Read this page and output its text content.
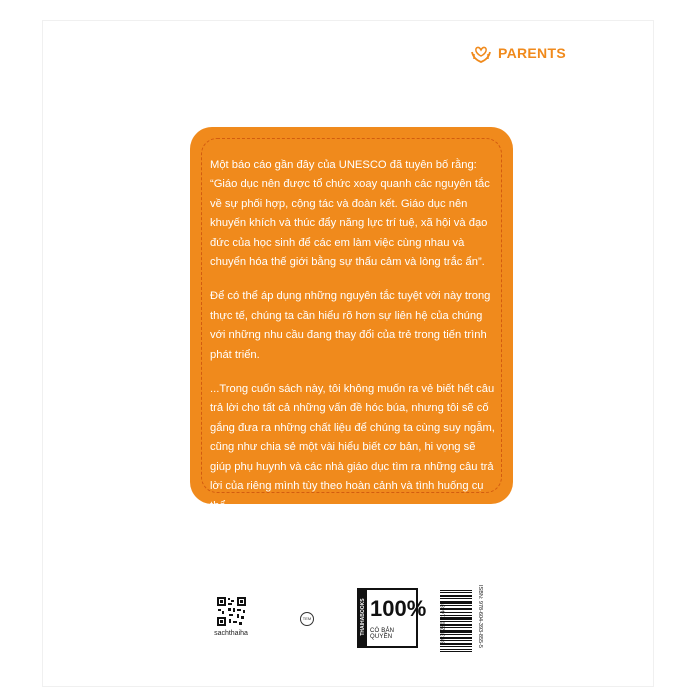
PARENTS

Một báo cáo gần đây của UNESCO đã tuyên bố rằng: “Giáo dục nên được tổ chức xoay quanh các nguyên tắc về sự phối hợp, cộng tác và đoàn kết. Giáo dục nên khuyến khích và thúc đẩy năng lực trí tuệ, xã hội và đạo đức của học sinh để các em làm việc cùng nhau và chuyển hóa thế giới bằng sự thấu cảm và lòng trắc ẩn”.

Để có thể áp dụng những nguyên tắc tuyệt vời này trong thực tế, chúng ta cần hiểu rõ hơn sự liên hệ của chúng với những nhu cầu đang thay đổi của trẻ trong tiến trình phát triển.

...Trong cuốn sách này, tôi không muốn ra vẻ biết hết câu trả lời cho tất cả những vấn đề hóc búa, nhưng tôi sẽ cố gắng đưa ra những chất liệu để chúng ta cùng suy ngẫm, cũng như chia sẻ một vài hiểu biết cơ bản, hi vọng sẽ giúp phụ huynh và các nhà giáo dục tìm ra những câu trả lời của riêng mình tùy theo hoàn cảnh và tình huống cụ thể.

sachthaiha
TEM	THAIHABOOKS 100%
CÓ BẢN QUYỀN	8 935280 914489	ISBN: 978-604-393-855-5
